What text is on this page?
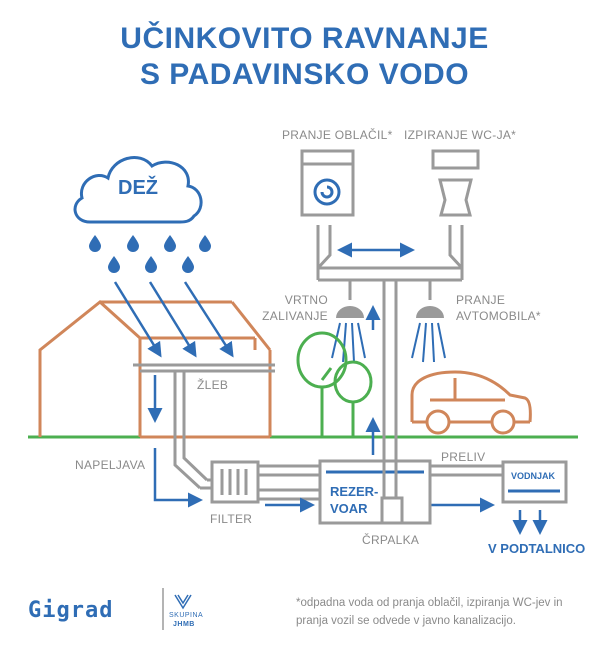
UČINKOVITO RAVNANJE
S PADAVINSKO VODO
DEŽ
PRANJE OBLAČIL* IZPIRANJE WC-JA*
VRTNO
ZALIVANJE
PRANJE
AVTOMOBILA*
ŽLEB
NAPELJAVA
FILTER
REZER-
VOAR
ČRPALKA
PRELIV
VODNJAK
V PODTALNICO
Gigrad	SKUPINA
JHMB
*odpadna voda od pranja oblačil, izpiranja WC-jev in
pranja vozil se odvede v javno kanalizacijo.
